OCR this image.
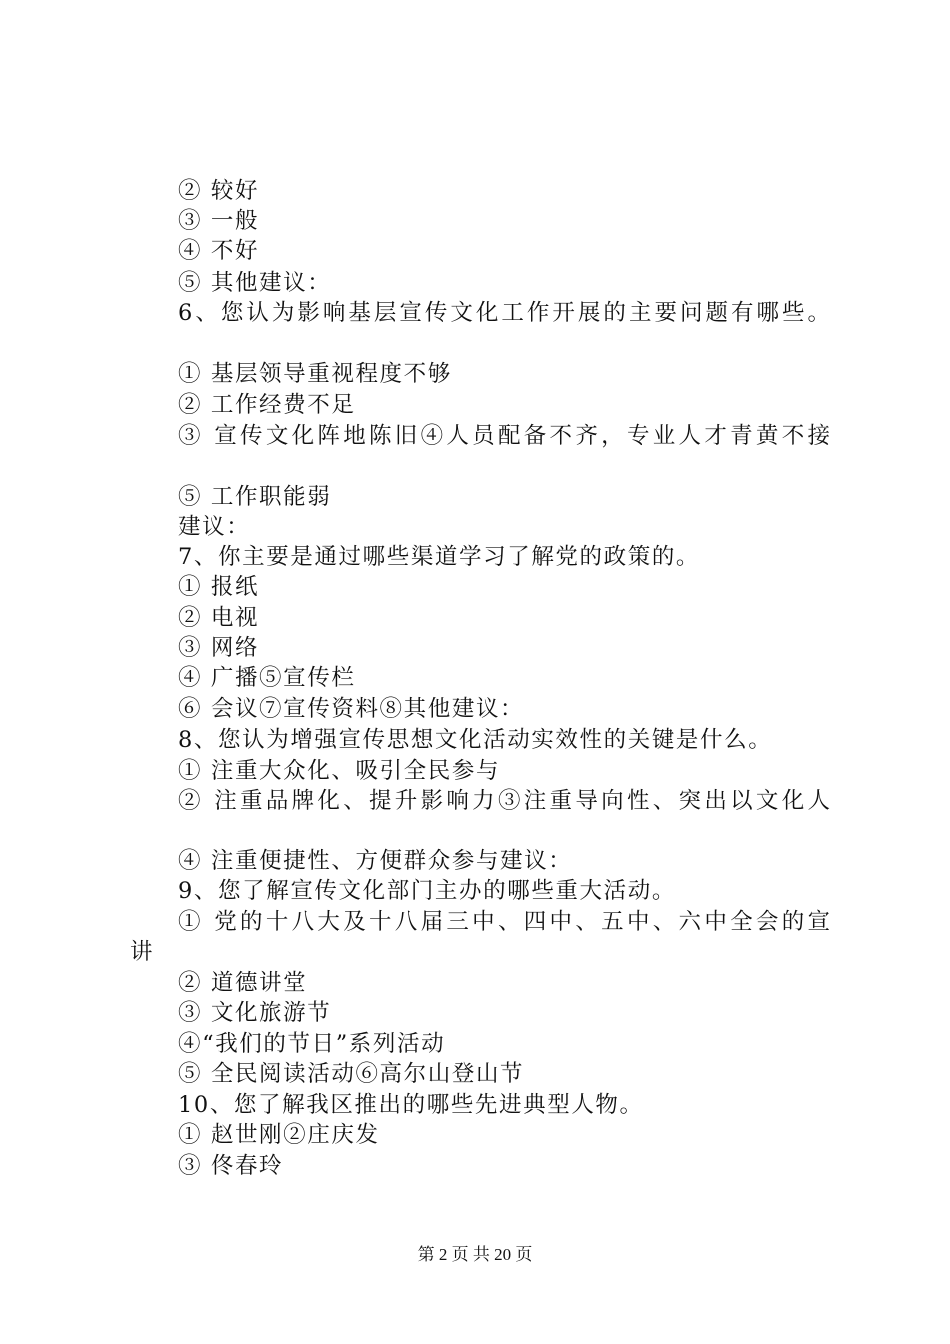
② 较好
③ 一般
④ 不好
⑤ 其他建议：
6、您认为影响基层宣传文化工作开展的主要问题有哪些。
① 基层领导重视程度不够
② 工作经费不足
③ 宣传文化阵地陈旧④人员配备不齐，专业人才青黄不接
⑤ 工作职能弱
建议：
7、你主要是通过哪些渠道学习了解党的政策的。
① 报纸
② 电视
③ 网络
④ 广播⑤宣传栏
⑥ 会议⑦宣传资料⑧其他建议：
8、您认为增强宣传思想文化活动实效性的关键是什么。
① 注重大众化、吸引全民参与
② 注重品牌化、提升影响力③注重导向性、突出以文化人
④ 注重便捷性、方便群众参与建议：
9、您了解宣传文化部门主办的哪些重大活动。
① 党的十八大及十八届三中、四中、五中、六中全会的宣
讲
② 道德讲堂
③ 文化旅游节
④“我们的节日”系列活动
⑤ 全民阅读活动⑥高尔山登山节
10、您了解我区推出的哪些先进典型人物。
① 赵世刚②庄庆发
③ 佟春玲
第 2 页 共 20 页
